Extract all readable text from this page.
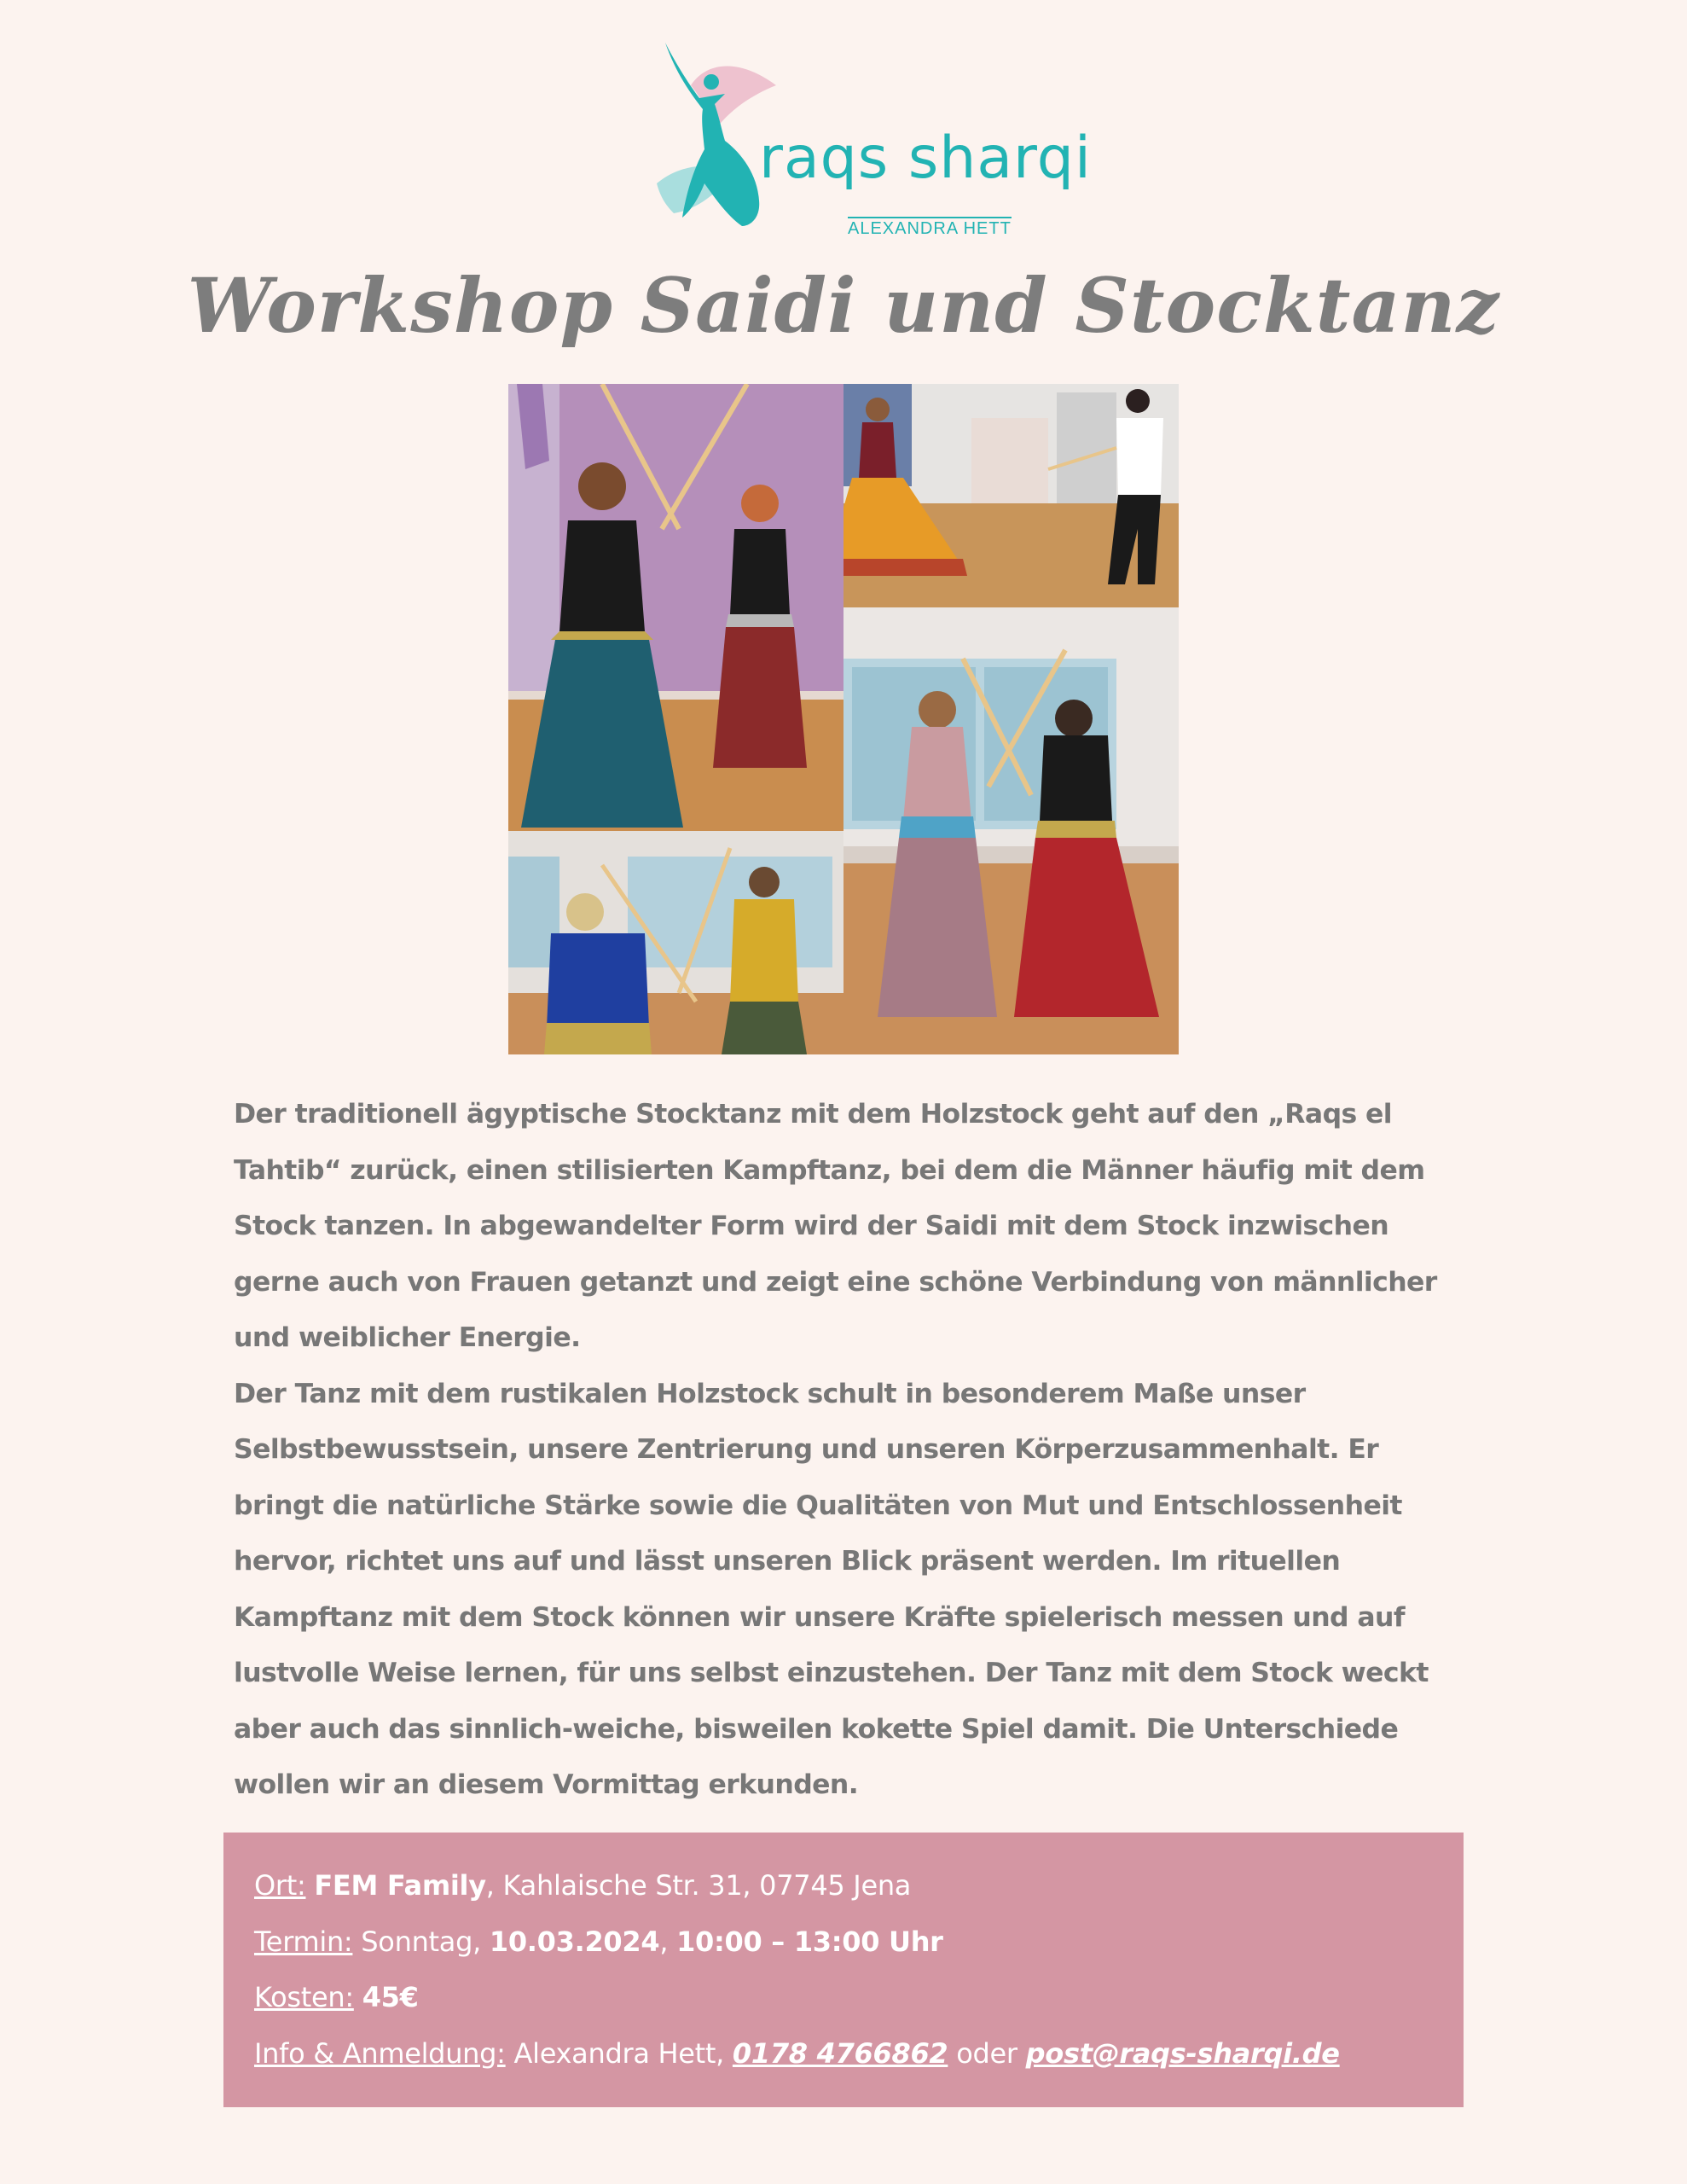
raqs sharqi
ALEXANDRA HETT
Workshop Saidi und Stocktanz

Der traditionell ägyptische Stocktanz mit dem Holzstock geht auf den „Raqs el Tahtib“ zurück, einen stilisierten Kampftanz, bei dem die Männer häufig mit dem Stock tanzen. In abgewandelter Form wird der Saidi mit dem Stock inzwischen gerne auch von Frauen getanzt und zeigt eine schöne Verbindung von männlicher und weiblicher Energie.

Der Tanz mit dem rustikalen Holzstock schult in besonderem Maße unser Selbstbewusstsein, unsere Zentrierung und unseren Körperzusammenhalt. Er bringt die natürliche Stärke sowie die Qualitäten von Mut und Entschlossenheit hervor, richtet uns auf und lässt unseren Blick präsent werden. Im rituellen Kampftanz mit dem Stock können wir unsere Kräfte spielerisch messen und auf lustvolle Weise lernen, für uns selbst einzustehen. Der Tanz mit dem Stock weckt aber auch das sinnlich-weiche, bisweilen kokette Spiel damit. Die Unterschiede wollen wir an diesem Vormittag erkunden.

Ort: FEM Family, Kahlaische Str. 31, 07745 Jena
Termin: Sonntag, 10.03.2024, 10:00 – 13:00 Uhr
Kosten: 45€
Info & Anmeldung: Alexandra Hett, 0178 4766862 oder post@raqs-sharqi.de
